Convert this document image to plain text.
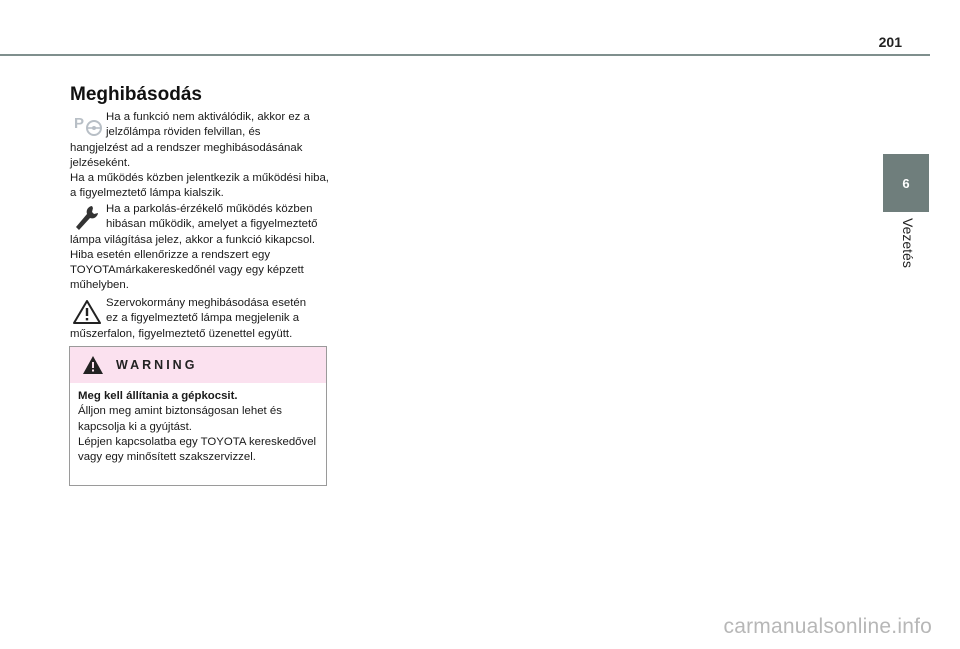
201
6
Vezetés
Meghibásodás
P	Ha a funkció nem aktiválódik, akkor ez a
jelzőlámpa röviden felvillan, és
hangjelzést ad a rendszer meghibásodásának jelzéseként.
Ha a működés közben jelentkezik a működési hiba, a figyelmeztető lámpa kialszik.
Ha a parkolás-érzékelő működés közben
hibásan működik, amelyet a figyelmeztető
lámpa világítása jelez, akkor a funkció kikapcsol. Hiba esetén ellenőrizze a rendszert egy TOYOTAmárkakereskedőnél vagy egy képzett műhelyben.
Szervokormány meghibásodása esetén
ez a figyelmeztető lámpa megjelenik a
műszerfalon, figyelmeztető üzenettel együtt.
WARNING
Meg kell állítania a gépkocsit.
Álljon meg amint biztonságosan lehet és kapcsolja ki a gyújtást.
Lépjen kapcsolatba egy TOYOTA kereskedővel vagy egy minősített szakszervizzel.
carmanualsonline.info
